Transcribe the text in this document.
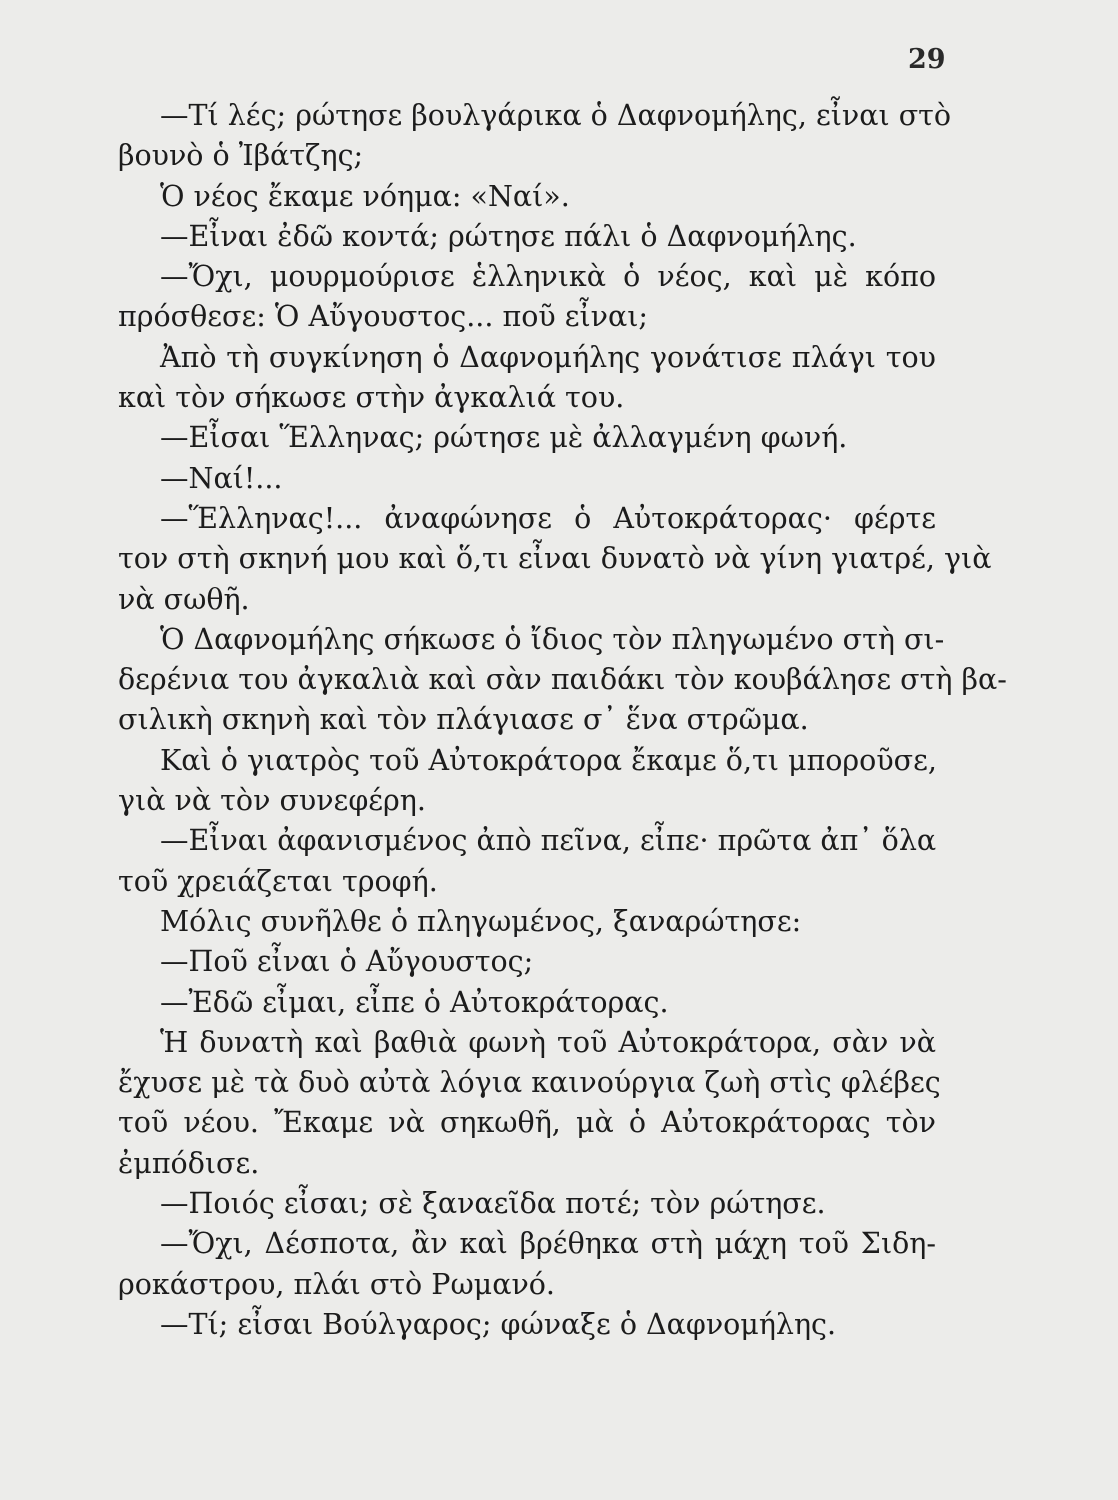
29
—Τί λές; ρώτησε βουλγάρικα ὁ Δαφνομήλης, εἶναι στὸ
βουνὸ ὁ Ἰβάτζης;
Ὁ νέος ἔκαμε νόημα: «Ναί».
—Εἶναι ἐδῶ κοντά; ρώτησε πάλι ὁ Δαφνομήλης.
—Ὄχι, μουρμούρισε ἑλληνικὰ ὁ νέος, καὶ μὲ κόπο
πρόσθεσε: Ὁ Αὔγουστος... ποῦ εἶναι;
Ἀπὸ τὴ συγκίνηση ὁ Δαφνομήλης γονάτισε πλάγι του
καὶ τὸν σήκωσε στὴν ἀγκαλιά του.
—Εἶσαι Ἕλληνας; ρώτησε μὲ ἀλλαγμένη φωνή.
—Ναί!...
—Ἕλληνας!... ἀναφώνησε ὁ Αὐτοκράτορας· φέρτε
τον στὴ σκηνή μου καὶ ὅ,τι εἶναι δυνατὸ νὰ γίνη γιατρέ, γιὰ
νὰ σωθῆ.
Ὁ Δαφνομήλης σήκωσε ὁ ἴδιος τὸν πληγωμένο στὴ σι-
δερένια του ἀγκαλιὰ καὶ σὰν παιδάκι τὸν κουβάλησε στὴ βα-
σιλικὴ σκηνὴ καὶ τὸν πλάγιασε σ᾽ ἕνα στρῶμα.
Καὶ ὁ γιατρὸς τοῦ Αὐτοκράτορα ἔκαμε ὅ,τι μποροῦσε,
γιὰ νὰ τὸν συνεφέρη.
—Εἶναι ἀφανισμένος ἀπὸ πεῖνα, εἶπε· πρῶτα ἀπ᾽ ὅλα
τοῦ χρειάζεται τροφή.
Μόλις συνῆλθε ὁ πληγωμένος, ξαναρώτησε:
—Ποῦ εἶναι ὁ Αὔγουστος;
—Ἐδῶ εἶμαι, εἶπε ὁ Αὐτοκράτορας.
Ἡ δυνατὴ καὶ βαθιὰ φωνὴ τοῦ Αὐτοκράτορα, σὰν νὰ
ἔχυσε μὲ τὰ δυὸ αὐτὰ λόγια καινούργια ζωὴ στὶς φλέβες
τοῦ νέου. Ἔκαμε νὰ σηκωθῆ, μὰ ὁ Αὐτοκράτορας τὸν
ἐμπόδισε.
—Ποιός εἶσαι; σὲ ξαναεῖδα ποτέ; τὸν ρώτησε.
—Ὄχι, Δέσποτα, ἂν καὶ βρέθηκα στὴ μάχη τοῦ Σιδη-
ροκάστρου, πλάι στὸ Ρωμανό.
—Τί; εἶσαι Βούλγαρος; φώναξε ὁ Δαφνομήλης.
